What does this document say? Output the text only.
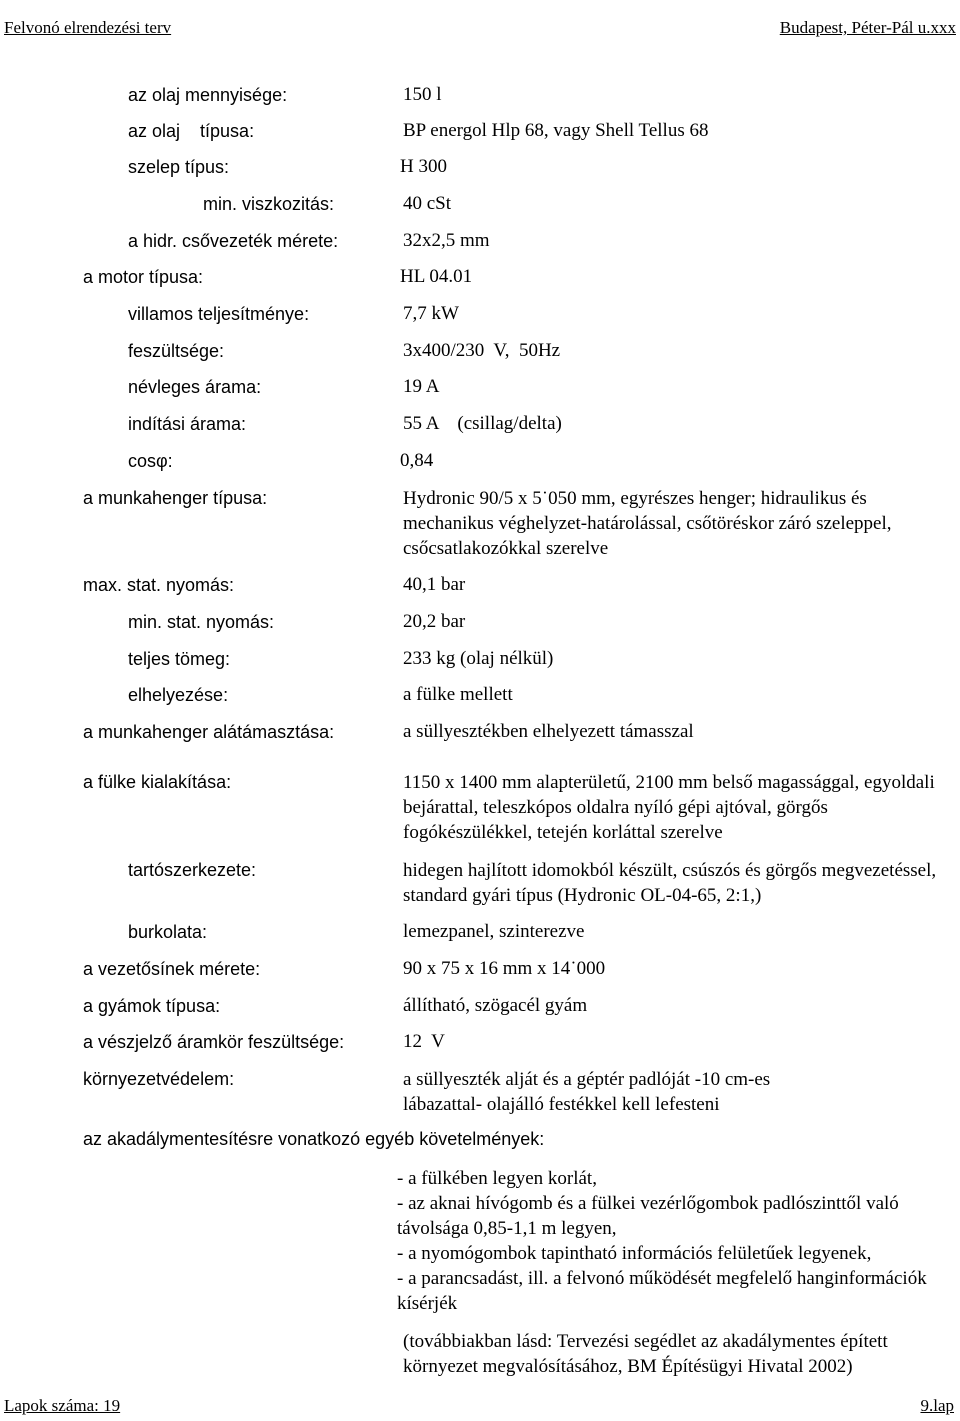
Felvonó elrendezési terv	Budapest, Péter-Pál u.xxx
az olaj mennyisége:	150 l
az olaj    típusa:	BP energol Hlp 68, vagy Shell Tellus 68
szelep típus:	H 300
min. viszkozitás:	40 cSt
a hidr. csővezeték mérete:	32x2,5 mm
a motor típusa:	HL 04.01
villamos teljesítménye:	7,7 kW
feszültsége:	3x400/230  V,  50Hz
névleges árama:	19 A
indítási árama:	55 A    (csillag/delta)
cosφ:	0,84
a munkahenger típusa:	Hydronic 90/5 x 5˙050 mm, egyrészes henger; hidraulikus és mechanikus véghelyzet-határolással, csőtöréskor záró szeleppel, csőcsatlakozókkal szerelve
max. stat. nyomás:	40,1 bar
min. stat. nyomás:	20,2 bar
teljes tömeg:	233 kg (olaj nélkül)
elhelyezése:	a fülke mellett
a munkahenger alátámasztása:	a süllyesztékben elhelyezett támasszal
a fülke kialakítása:	1150 x 1400 mm alapterületű, 2100 mm belső magassággal, egyoldali bejárattal, teleszkópos oldalra nyíló gépi ajtóval, görgős fogókészülékkel, tetején korláttal szerelve
tartószerkezete:	hidegen hajlított idomokból készült, csúszós és görgős megvezetéssel, standard gyári típus (Hydronic OL-04-65, 2:1,)
burkolata:	lemezpanel, szinterezve
a vezetősínek mérete:	90 x 75 x 16 mm x 14˙000
a gyámok típusa:	állítható, szögacél gyám
a vészjelző áramkör feszültsége:	12  V
környezetvédelem:	a süllyeszték alját és a géptér padlóját -10 cm-es lábazattal- olajálló festékkel kell lefesteni
az akadálymentesítésre vonatkozó egyéb követelmények:
- a fülkében legyen korlát,
- az aknai hívógomb és a fülkei vezérlőgombok padlószinttől való távolsága 0,85-1,1 m legyen,
- a nyomógombok tapintható információs felületűek legyenek,
- a parancsadást, ill. a felvonó működését megfelelő hanginformációk kísérjék
(továbbiakban lásd: Tervezési segédlet az akadálymentes épített környezet megvalósításához, BM Építésügyi Hivatal 2002)
Lapok száma: 19	9.lap
